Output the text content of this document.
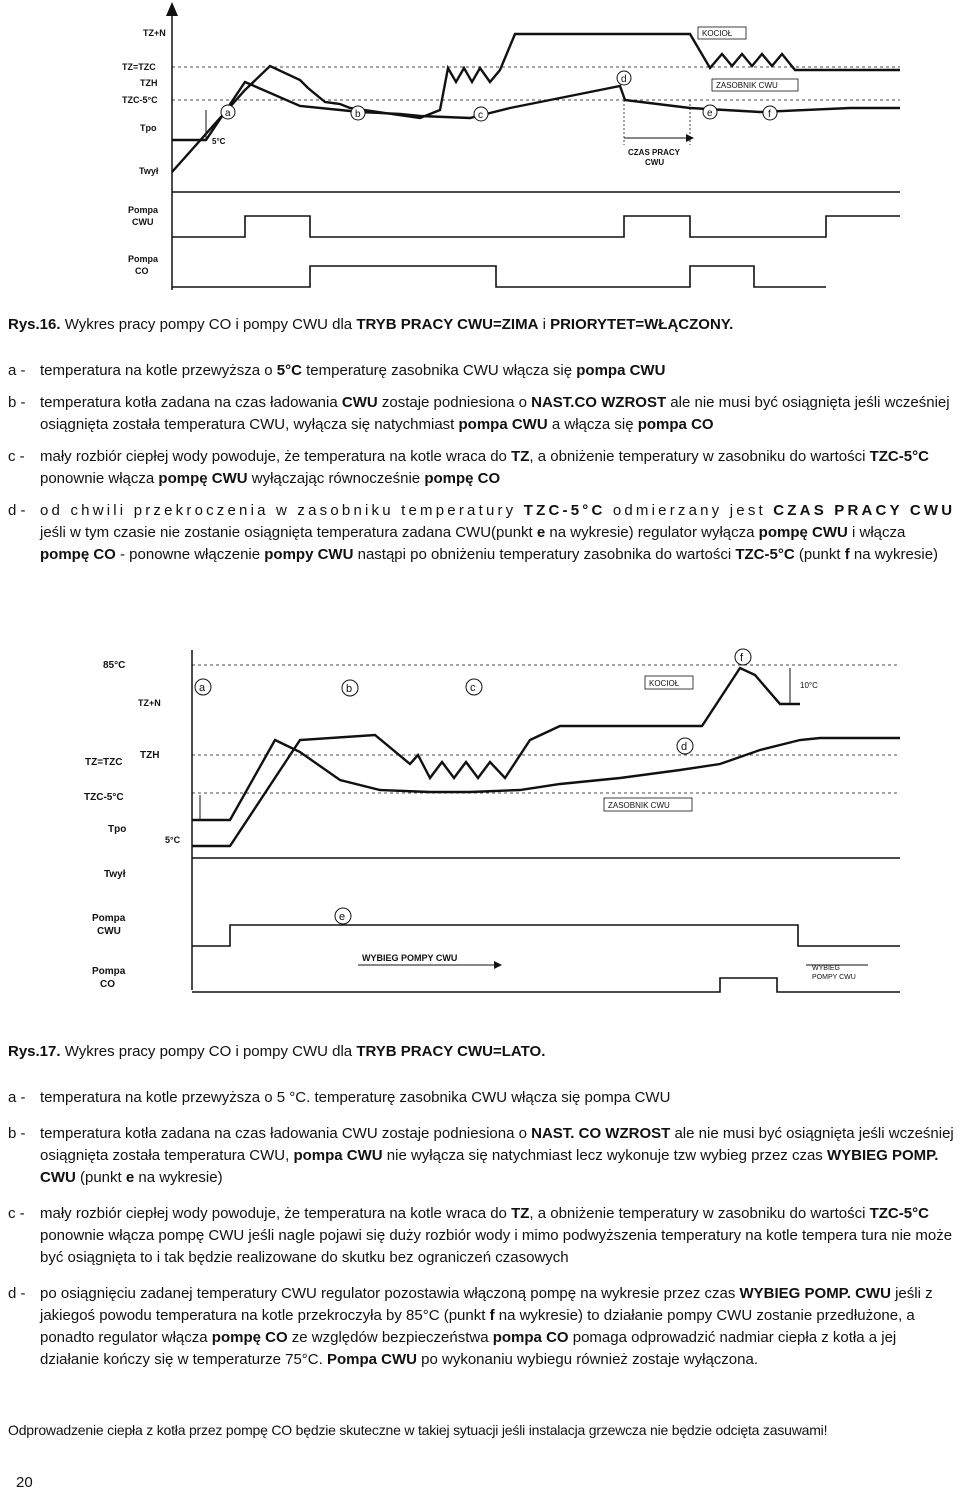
TZ+N
TZ=TZC
TZH
TZC-5°C
Tpo
Twył
Pompa
CWU
Pompa
CO
5°C
a	b	c
d
e	f
KOCIOŁ
ZASOBNIK CWU
CZAS PRACY
CWU
Rys.16. Wykres pracy pompy CO i pompy CWU dla TRYB PRACY CWU=ZIMA i PRIORYTET=WŁĄCZONY.

a - temperatura na kotle przewyższa o 5°C temperaturę zasobnika CWU włącza się pompa CWU

b - temperatura kotła zadana na czas ładowania CWU zostaje podniesiona o NAST.CO WZROST ale nie musi być osiągnięta jeśli wcześniej osiągnięta została temperatura CWU, wyłącza się natychmiast pompa CWU a włącza się pompa CO

c - mały rozbiór ciepłej wody powoduje, że temperatura na kotle wraca do TZ, a obniżenie temperatury w zasobniku do wartości TZC-5°C ponownie włącza pompę CWU wyłączając równocześnie pompę CO

d - od chwili przekroczenia w zasobniku temperatury TZC-5°C odmierzany jest CZAS PRACY CWU jeśli w tym czasie nie zostanie osiągnięta temperatura zadana CWU(punkt e na wykresie) regulator wyłącza pompę CWU i włącza pompę CO - ponowne włączenie pompy CWU nastąpi po obniżeniu temperatury zasobnika do wartości TZC-5°C (punkt f na wykresie)

85°C
TZ+N
TZ=TZC
TZH
TZC-5°C
Tpo
Twył
Pompa
CWU
Pompa
CO
5°C
10°C
a	b	c
d
e
f
KOCIOŁ
ZASOBNIK CWU
WYBIEG POMPY CWU
WYBIEG
POMPY CWU
Rys.17. Wykres pracy pompy CO i pompy CWU dla TRYB PRACY CWU=LATO.

a - temperatura na kotle przewyższa o 5 °C. temperaturę zasobnika CWU włącza się pompa CWU

b - temperatura kotła zadana na czas ładowania CWU zostaje podniesiona o NAST. CO WZROST ale nie musi być osiągnięta jeśli wcześniej osiągnięta została temperatura CWU, pompa CWU nie wyłącza się natychmiast lecz wykonuje tzw wybieg przez czas WYBIEG POMP. CWU (punkt e na wykresie)

c - mały rozbiór ciepłej wody powoduje, że temperatura na kotle wraca do TZ, a obniżenie temperatury w zasobniku do wartości TZC-5°C ponownie włącza pompę CWU jeśli nagle pojawi się duży rozbiór wody i mimo podwyższenia temperatury na kotle tempera tura nie może być osiągnięta to i tak będzie realizowane do skutku bez ograniczeń czasowych

d - po osiągnięciu zadanej temperatury CWU regulator pozostawia włączoną pompę na wykresie przez czas WYBIEG POMP. CWU jeśli z jakiegoś powodu temperatura na kotle przekroczyła by 85°C (punkt f na wykresie) to działanie pompy CWU zostanie przedłużone, a ponadto regulator włącza pompę CO ze względów bezpieczeństwa pompa CO pomaga odprowadzić nadmiar ciepła z kotła a jej działanie kończy się w temperaturze 75°C. Pompa CWU po wykonaniu wybiegu również zostaje wyłączona.

Odprowadzenie ciepła z kotła przez pompę CO będzie skuteczne w takiej sytuacji jeśli instalacja grzewcza nie będzie odcięta zasuwami!
20
